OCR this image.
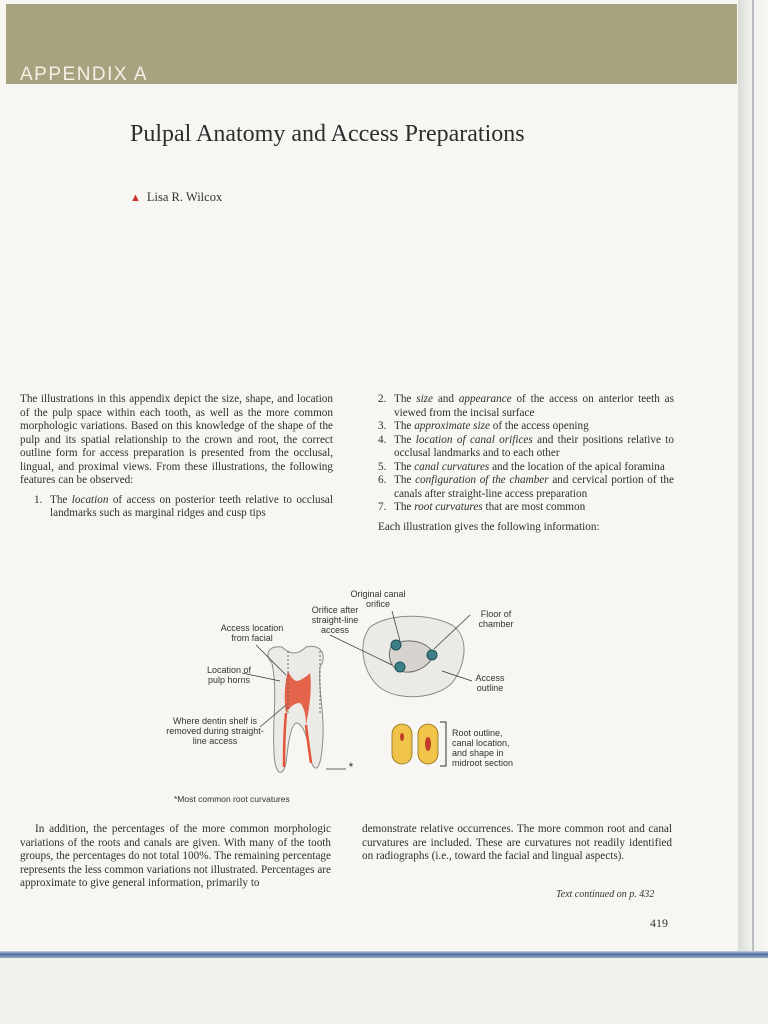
APPENDIX A
Pulpal Anatomy and Access Preparations
▲ Lisa R. Wilcox

The illustrations in this appendix depict the size, shape, and location of the pulp space within each tooth, as well as the more common morphologic variations. Based on this knowledge of the shape of the pulp and its spatial relationship to the crown and root, the correct outline form for access preparation is presented from the occlusal, lingual, and proximal views. From these illustrations, the following features can be observed:

1. The location of access on posterior teeth relative to occlusal landmarks such as marginal ridges and cusp tips
2. The size and appearance of the access on anterior teeth as viewed from the incisal surface
3. The approximate size of the access opening
4. The location of canal orifices and their positions relative to occlusal landmarks and to each other
5. The canal curvatures and the location of the apical foramina
6. The configuration of the chamber and cervical portion of the canals after straight-line access preparation
7. The root curvatures that are most common

Each illustration gives the following information:

Original canal orifice
Orifice after straight-line access
Floor of chamber
Access location from facial
Location of pulp horns	Access outline
Where dentin shelf is removed during straight-line access
Root outline, canal location, and shape in midroot section
*
*Most common root curvatures

In addition, the percentages of the more common morphologic variations of the roots and canals are given. With many of the tooth groups, the percentages do not total 100%. The remaining percentage represents the less common variations not illustrated. Percentages are approximate to give general information, primarily to

demonstrate relative occurrences. The more common root and canal curvatures are included. These are curvatures not readily identified on radiographs (i.e., toward the facial and lingual aspects).

Text continued on p. 432
419
